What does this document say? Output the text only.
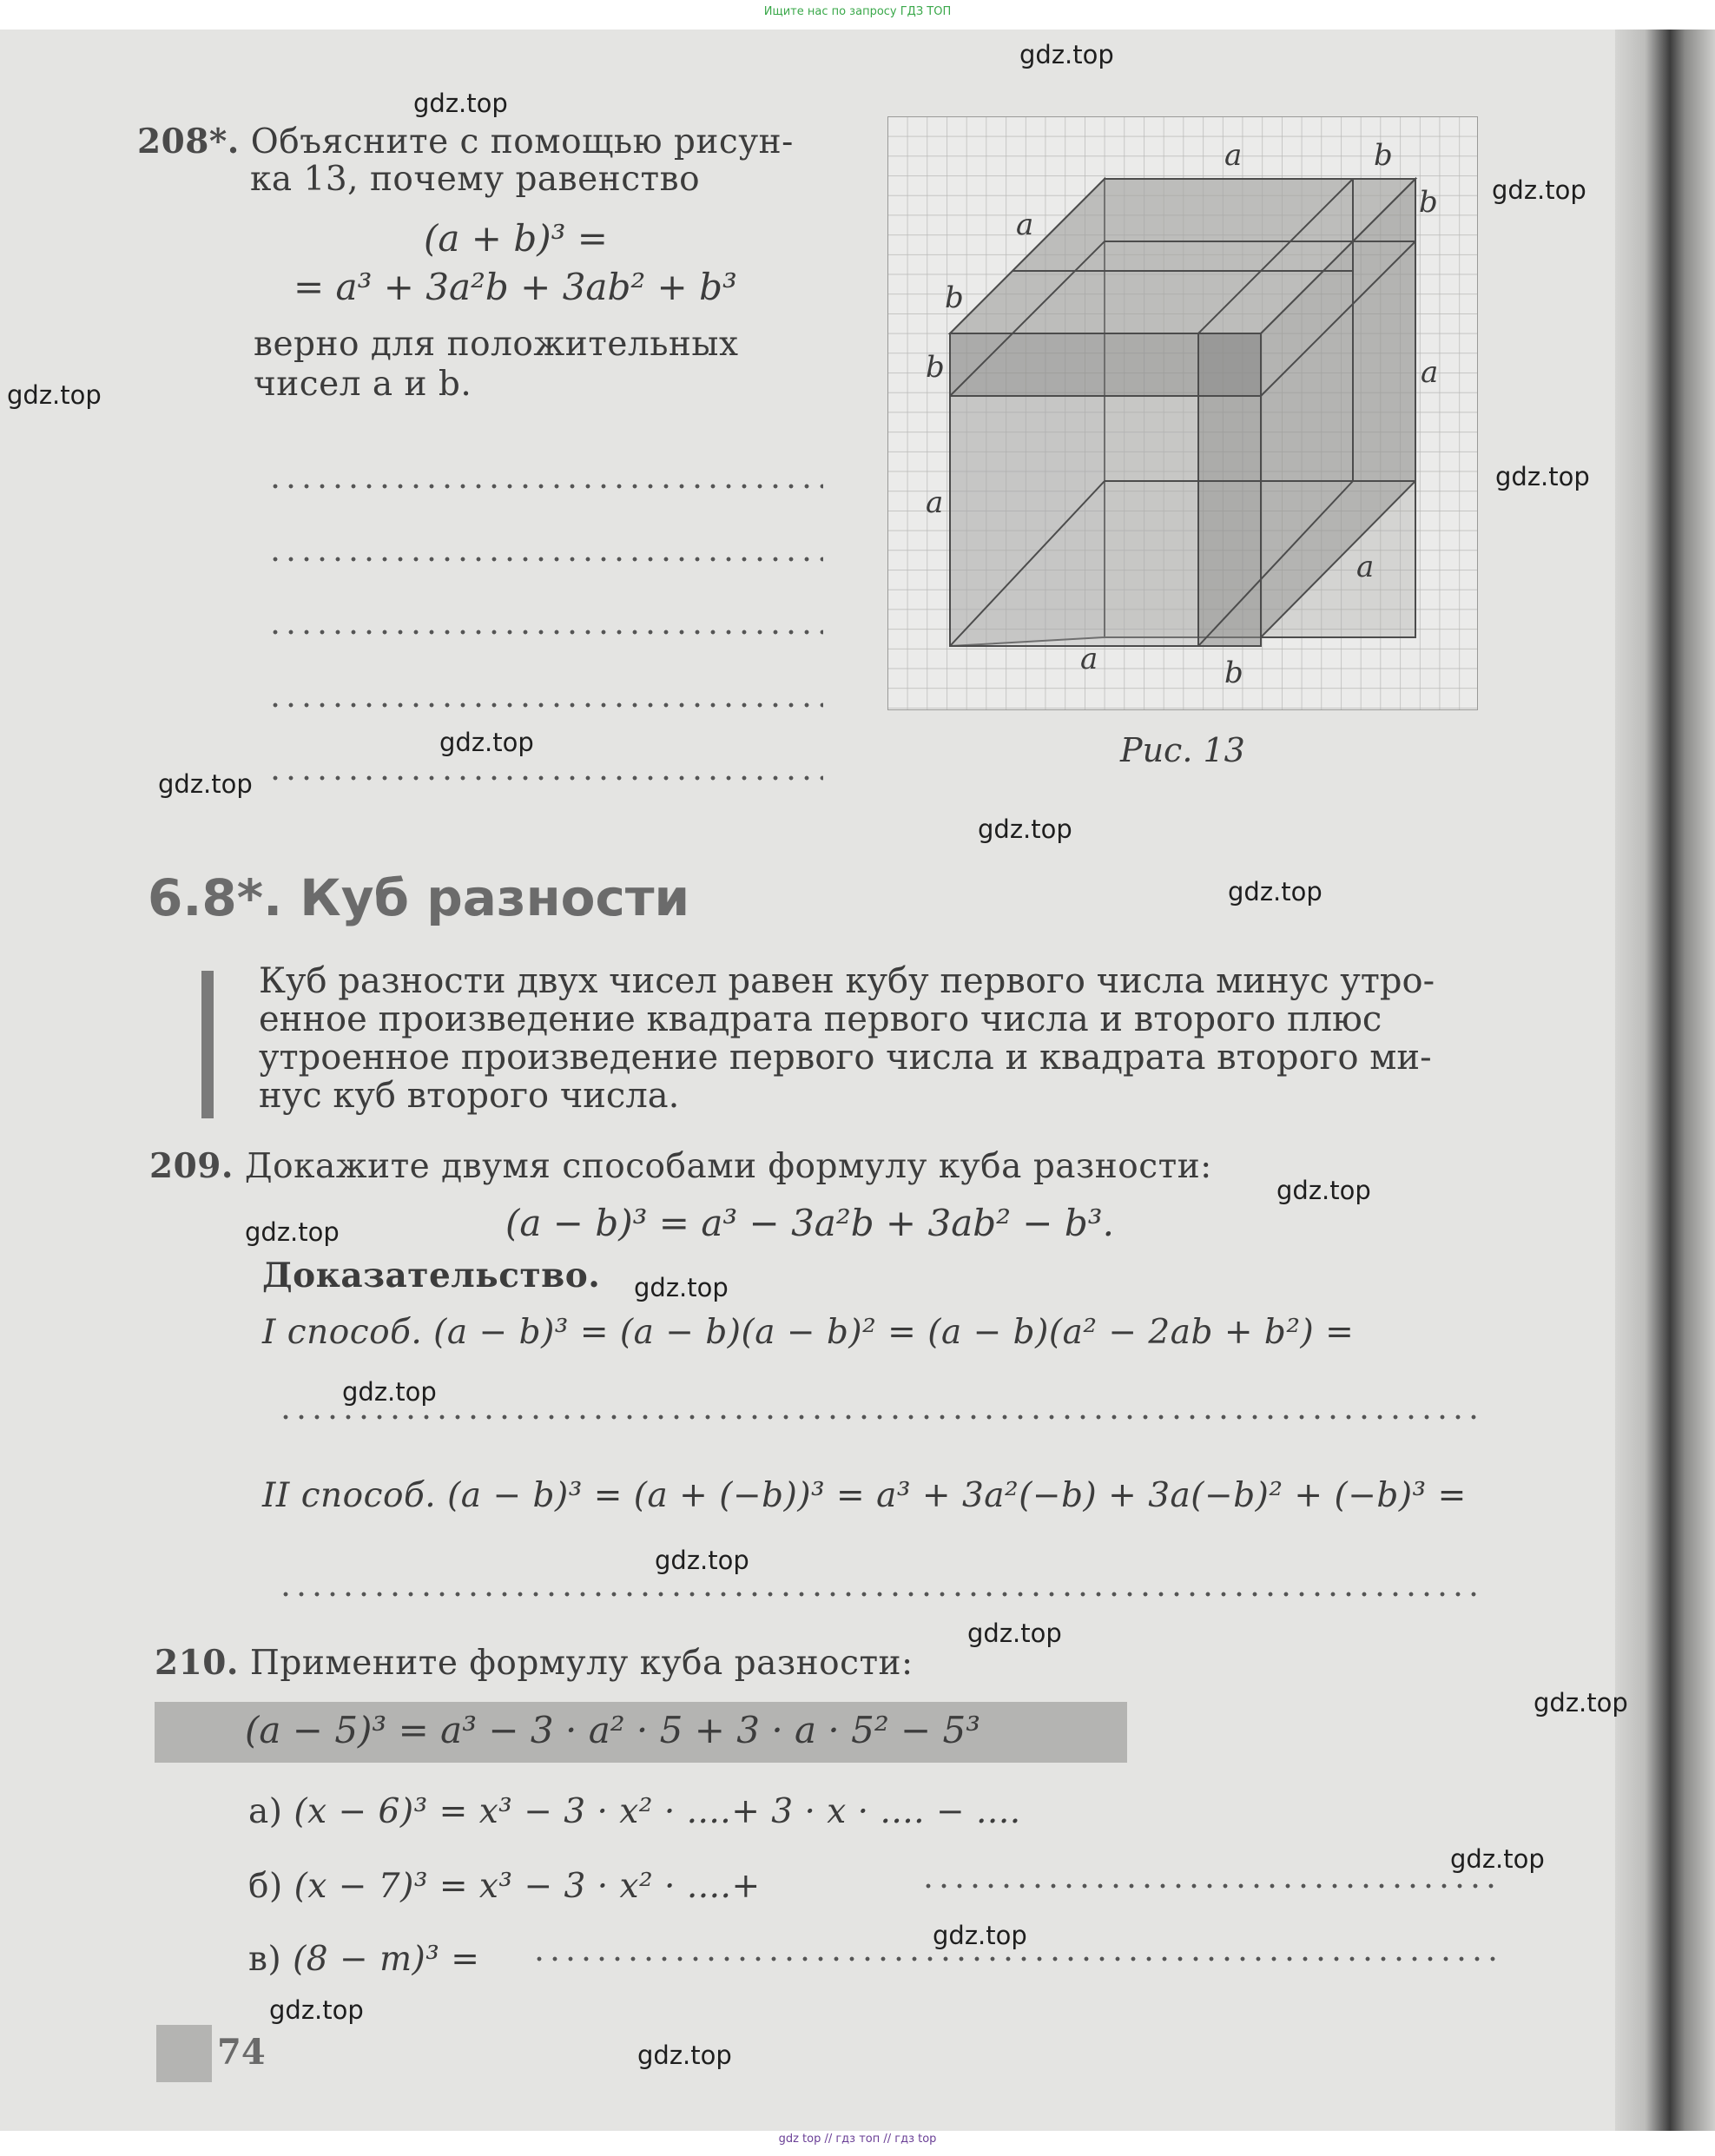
Ищите нас по запросу ГДЗ ТОП
208*. Объясните с помощью рисун-
ка 13, почему равенство
(a + b)³ =
= a³ + 3a²b + 3ab² + b³
верно для положительных
чисел a и b.
a	b
b
a
b
b	a
a
a
a	b
Рис. 13
6.8*. Куб разности
Куб разности двух чисел равен кубу первого числа минус утро-
енное произведение квадрата первого числа и второго плюс
утроенное произведение первого числа и квадрата второго ми-
нус куб второго числа.
209. Докажите двумя способами формулу куба разности:
(a − b)³ = a³ − 3a²b + 3ab² − b³.
Доказательство.
I способ. (a − b)³ = (a − b)(a − b)² = (a − b)(a² − 2ab + b²) =
II способ. (a − b)³ = (a + (−b))³ = a³ + 3a²(−b) + 3a(−b)² + (−b)³ =
210. Примените формулу куба разности:
(a − 5)³ = a³ − 3 · a² · 5 + 3 · a · 5² − 5³
а) (x − 6)³ = x³ − 3 · x² · ....+ 3 · x · .... − ....
б) (x − 7)³ = x³ − 3 · x² · ....+
в) (8 − m)³ =
74
gdz.top
gdz.top
gdz.top
gdz.top
gdz.top
gdz.top
gdz.top
gdz.top
gdz.top
gdz.top
gdz.top
gdz.top
gdz.top
gdz.top
gdz.top
gdz.top
gdz.top
gdz.top
gdz.top
gdz.top
gdz top // гдз топ // гдз top
